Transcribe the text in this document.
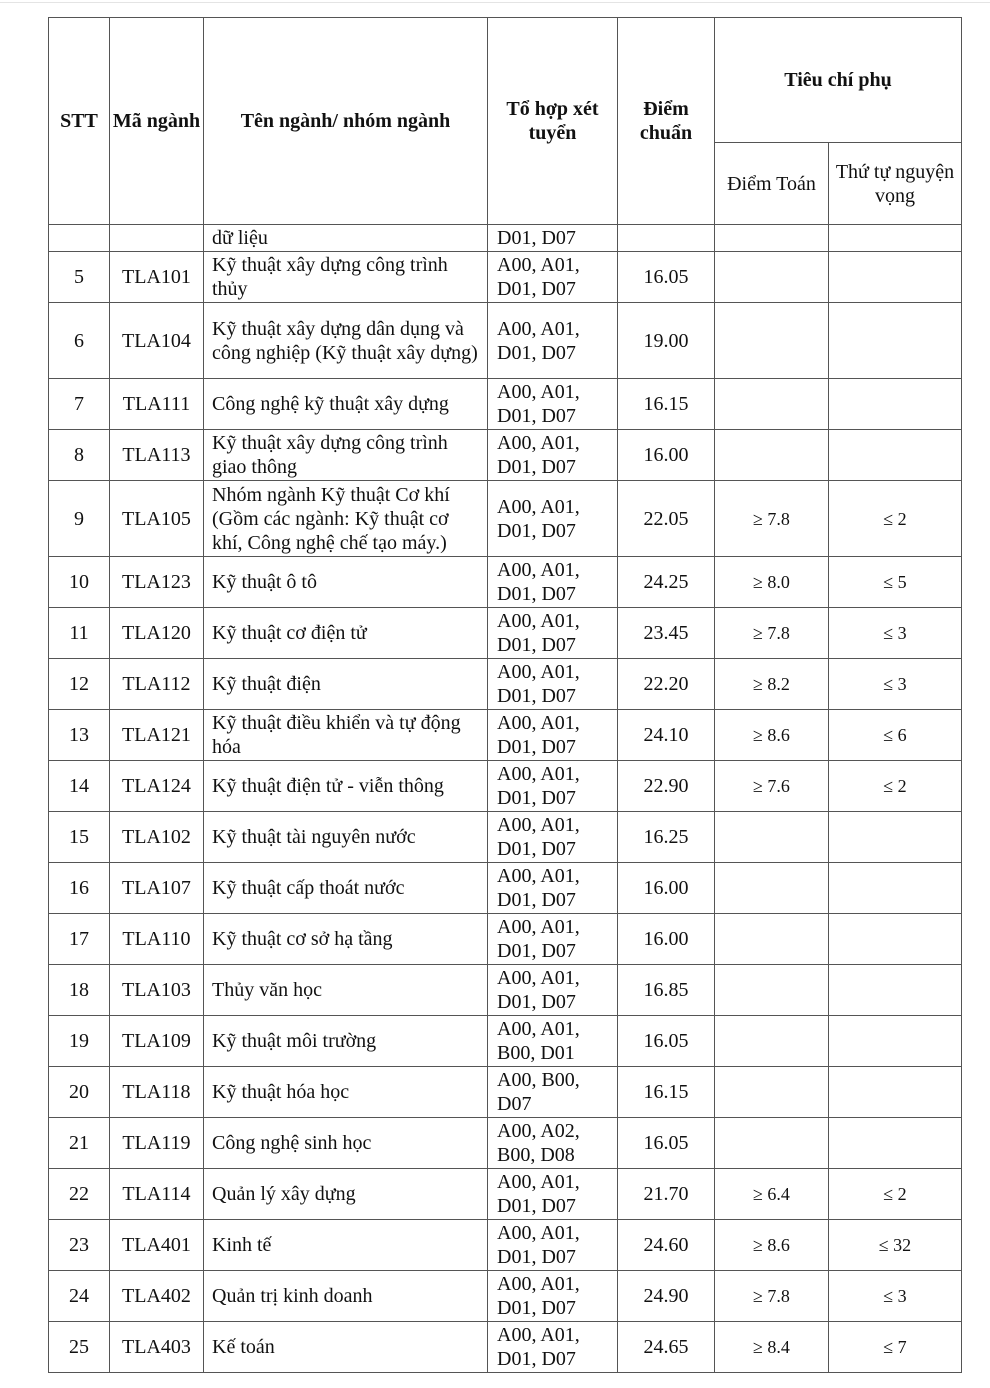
STT	Mã ngành	Tên ngành/ nhóm ngành	Tổ hợp xét tuyển	Điểm chuẩn	Tiêu chí phụ	
					Điểm Toán	Thứ tự nguyện vọng
		dữ liệu	D01, D07			
5	TLA101	Kỹ thuật xây dựng công trình thủy	A00, A01, D01, D07	16.05		
6	TLA104	Kỹ thuật xây dựng dân dụng và công nghiệp (Kỹ thuật xây dựng)	A00, A01, D01, D07	19.00		
7	TLA111	Công nghệ kỹ thuật xây dựng	A00, A01, D01, D07	16.15		
8	TLA113	Kỹ thuật xây dựng công trình giao thông	A00, A01, D01, D07	16.00		
9	TLA105	Nhóm ngành Kỹ thuật Cơ khí (Gồm các ngành: Kỹ thuật cơ khí, Công nghệ chế tạo máy.)	A00, A01, D01, D07	22.05	≥ 7.8	≤ 2
10	TLA123	Kỹ thuật ô tô	A00, A01, D01, D07	24.25	≥ 8.0	≤ 5
11	TLA120	Kỹ thuật cơ điện tử	A00, A01, D01, D07	23.45	≥ 7.8	≤ 3
12	TLA112	Kỹ thuật điện	A00, A01, D01, D07	22.20	≥ 8.2	≤ 3
13	TLA121	Kỹ thuật điều khiển và tự động hóa	A00, A01, D01, D07	24.10	≥ 8.6	≤ 6
14	TLA124	Kỹ thuật điện tử - viễn thông	A00, A01, D01, D07	22.90	≥ 7.6	≤ 2
15	TLA102	Kỹ thuật tài nguyên nước	A00, A01, D01, D07	16.25		
16	TLA107	Kỹ thuật cấp thoát nước	A00, A01, D01, D07	16.00		
17	TLA110	Kỹ thuật cơ sở hạ tầng	A00, A01, D01, D07	16.00		
18	TLA103	Thủy văn học	A00, A01, D01, D07	16.85		
19	TLA109	Kỹ thuật môi trường	A00, A01, B00, D01	16.05		
20	TLA118	Kỹ thuật hóa học	A00, B00, D07	16.15		
21	TLA119	Công nghệ sinh học	A00, A02, B00, D08	16.05		
22	TLA114	Quản lý xây dựng	A00, A01, D01, D07	21.70	≥ 6.4	≤ 2
23	TLA401	Kinh tế	A00, A01, D01, D07	24.60	≥ 8.6	≤ 32
24	TLA402	Quản trị kinh doanh	A00, A01, D01, D07	24.90	≥ 7.8	≤ 3
25	TLA403	Kế toán	A00, A01, D01, D07	24.65	≥ 8.4	≤ 7
